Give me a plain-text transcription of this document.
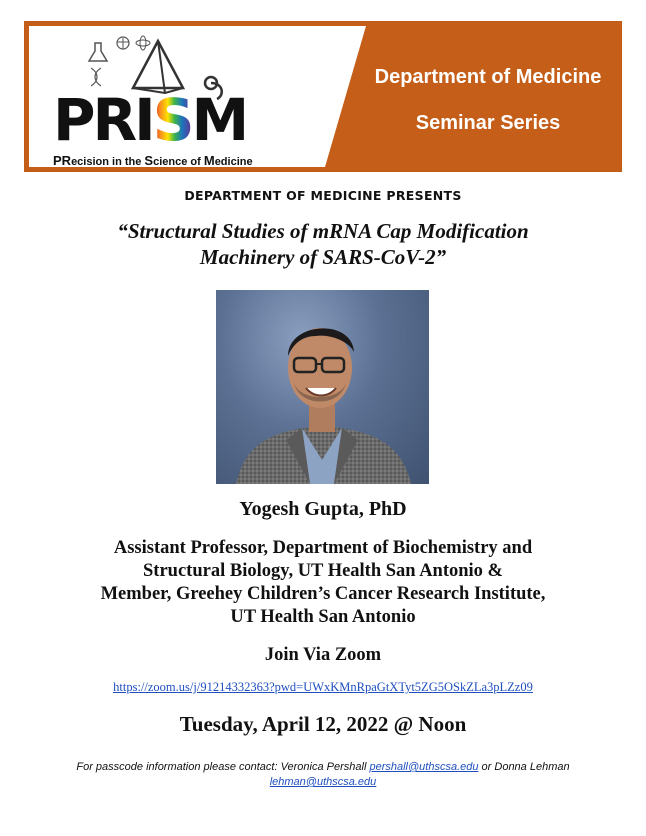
PRISM
PRecision in the Science of Medicine
Department of Medicine
Seminar Series
DEPARTMENT OF MEDICINE PRESENTS
“Structural Studies of mRNA Cap Modification
Machinery of SARS-CoV-2”
Yogesh Gupta, PhD
Assistant Professor, Department of Biochemistry and
Structural Biology, UT Health San Antonio &
Member, Greehey Children’s Cancer Research Institute,
UT Health San Antonio
Join Via Zoom
https://zoom.us/j/91214332363?pwd=UWxKMnRpaGtXTyt5ZG5OSkZLa3pLZz09
Tuesday, April 12, 2022 @ Noon
For passcode information please contact: Veronica Pershall pershall@uthscsa.edu or Donna Lehman
lehman@uthscsa.edu
